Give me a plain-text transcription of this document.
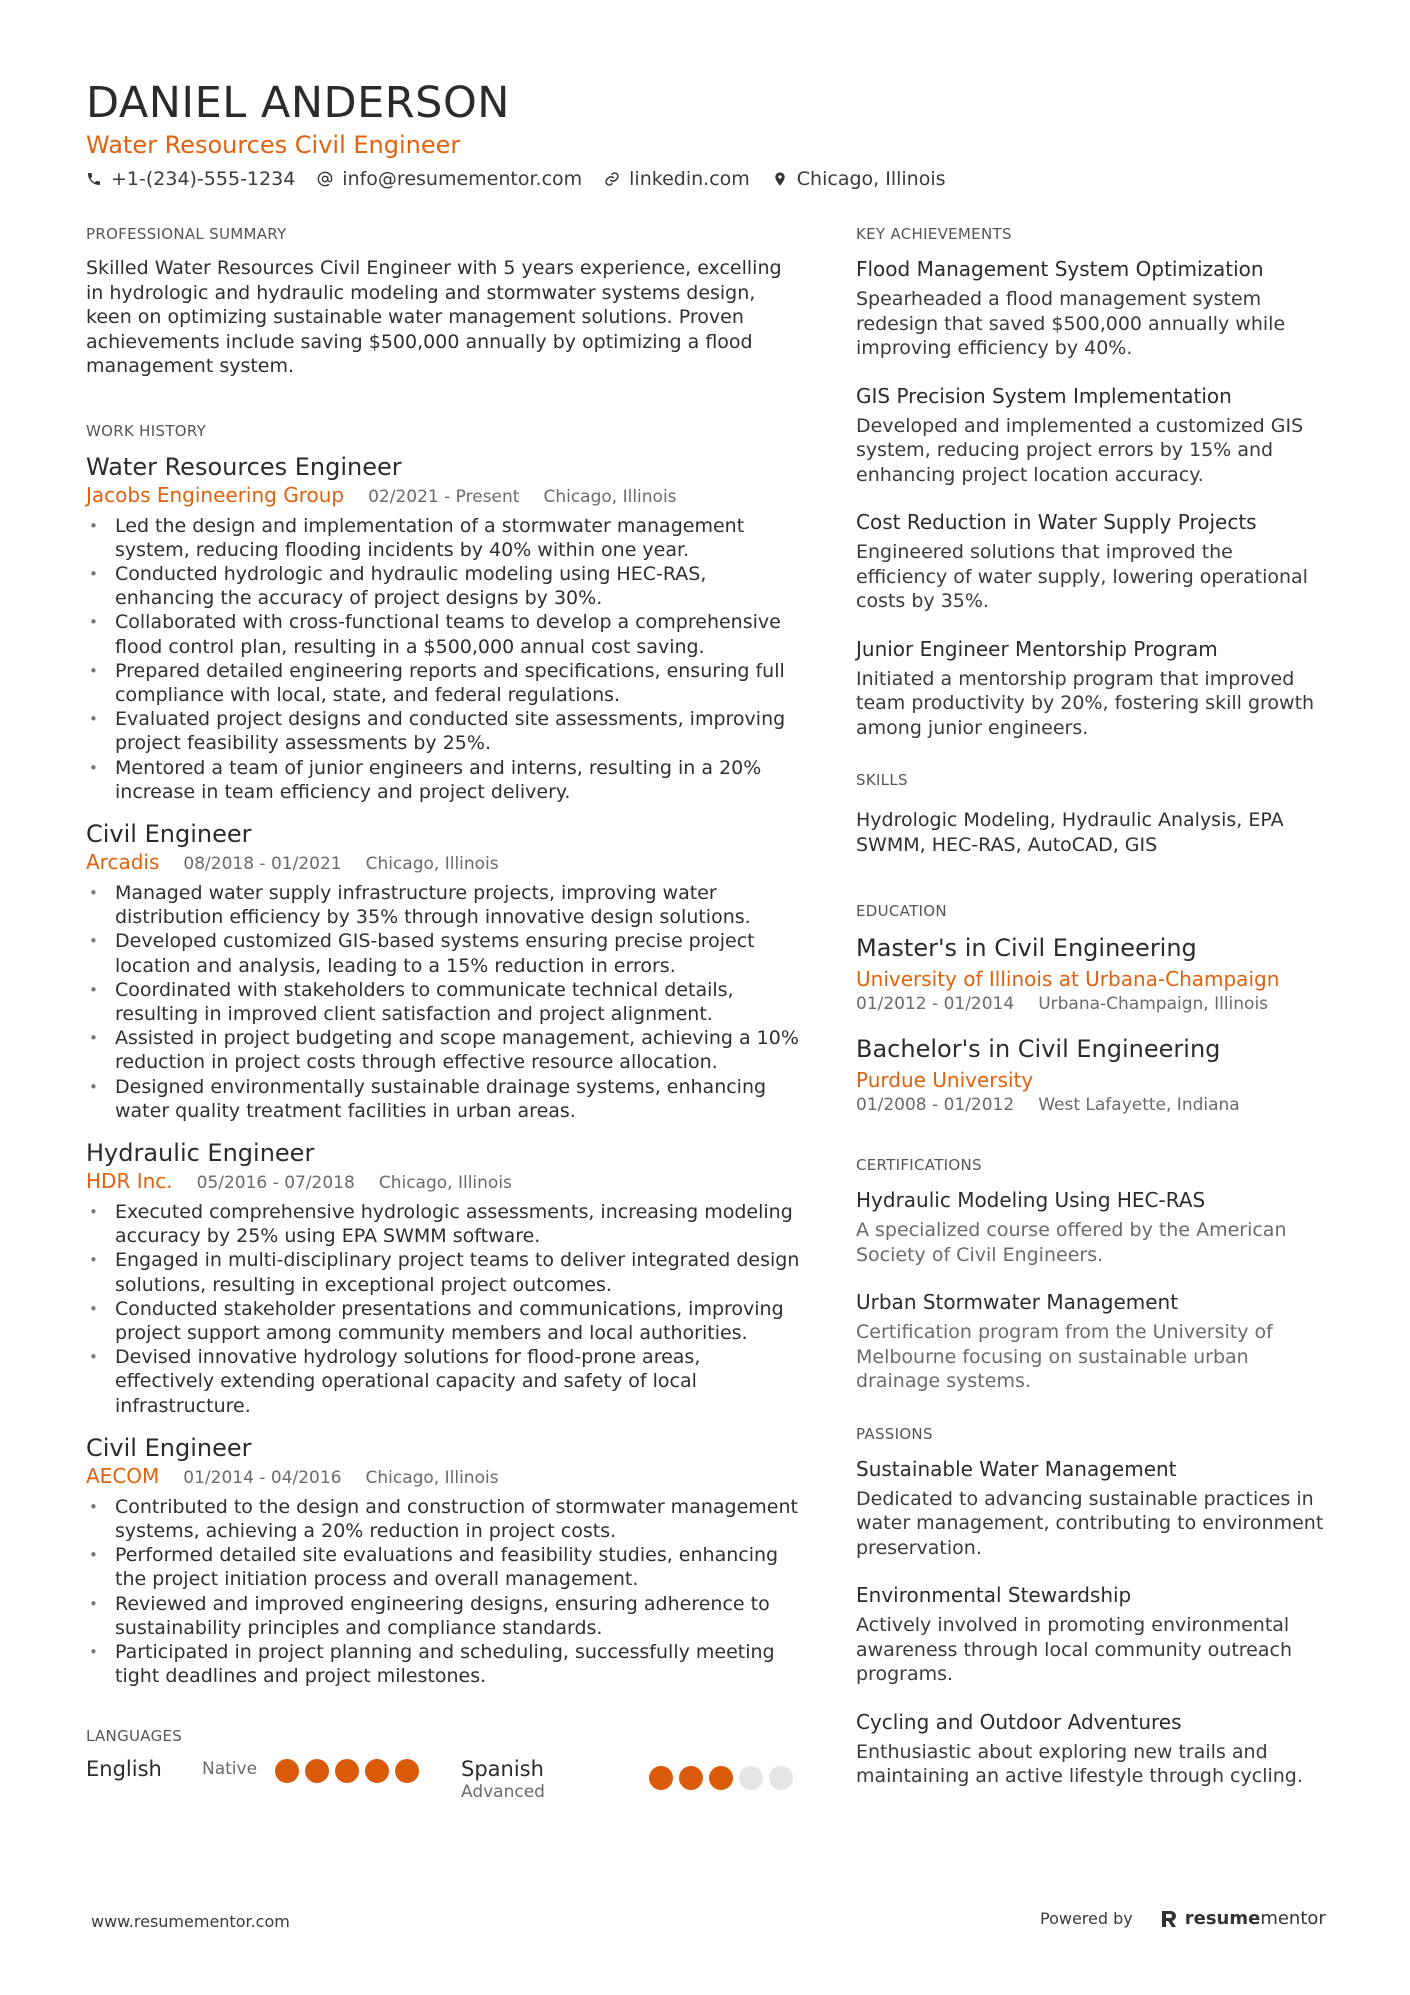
DANIEL ANDERSON
Water Resources Civil Engineer
+1-(234)-555-1234 info@resumementor.com linkedin.com Chicago, Illinois
PROFESSIONAL SUMMARY

Skilled Water Resources Civil Engineer with 5 years experience, excelling in hydrologic and hydraulic modeling and stormwater systems design, keen on optimizing sustainable water management solutions. Proven achievements include saving $500,000 annually by optimizing a flood management system.

WORK HISTORY
Water Resources Engineer
Jacobs Engineering Group 02/2021 - Present Chicago, Illinois
• Led the design and implementation of a stormwater management system, reducing flooding incidents by 40% within one year.
• Conducted hydrologic and hydraulic modeling using HEC-RAS, enhancing the accuracy of project designs by 30%.
• Collaborated with cross-functional teams to develop a comprehensive flood control plan, resulting in a $500,000 annual cost saving.
• Prepared detailed engineering reports and specifications, ensuring full compliance with local, state, and federal regulations.
• Evaluated project designs and conducted site assessments, improving project feasibility assessments by 25%.
• Mentored a team of junior engineers and interns, resulting in a 20% increase in team efficiency and project delivery.
Civil Engineer
Arcadis 08/2018 - 01/2021 Chicago, Illinois
• Managed water supply infrastructure projects, improving water distribution efficiency by 35% through innovative design solutions.
• Developed customized GIS-based systems ensuring precise project location and analysis, leading to a 15% reduction in errors.
• Coordinated with stakeholders to communicate technical details, resulting in improved client satisfaction and project alignment.
• Assisted in project budgeting and scope management, achieving a 10% reduction in project costs through effective resource allocation.
• Designed environmentally sustainable drainage systems, enhancing water quality treatment facilities in urban areas.
Hydraulic Engineer
HDR Inc. 05/2016 - 07/2018 Chicago, Illinois
• Executed comprehensive hydrologic assessments, increasing modeling accuracy by 25% using EPA SWMM software.
• Engaged in multi-disciplinary project teams to deliver integrated design solutions, resulting in exceptional project outcomes.
• Conducted stakeholder presentations and communications, improving project support among community members and local authorities.
• Devised innovative hydrology solutions for flood-prone areas, effectively extending operational capacity and safety of local infrastructure.
Civil Engineer
AECOM 01/2014 - 04/2016 Chicago, Illinois
• Contributed to the design and construction of stormwater management systems, achieving a 20% reduction in project costs.
• Performed detailed site evaluations and feasibility studies, enhancing the project initiation process and overall management.
• Reviewed and improved engineering designs, ensuring adherence to sustainability principles and compliance standards.
• Participated in project planning and scheduling, successfully meeting tight deadlines and project milestones.
LANGUAGES
English	Native	Spanish
Advanced
KEY ACHIEVEMENTS
Flood Management System Optimization
Spearheaded a flood management system redesign that saved $500,000 annually while improving efficiency by 40%.
GIS Precision System Implementation
Developed and implemented a customized GIS system, reducing project errors by 15% and enhancing project location accuracy.
Cost Reduction in Water Supply Projects
Engineered solutions that improved the efficiency of water supply, lowering operational costs by 35%.
Junior Engineer Mentorship Program
Initiated a mentorship program that improved team productivity by 20%, fostering skill growth among junior engineers.
SKILLS

Hydrologic Modeling, Hydraulic Analysis, EPA SWMM, HEC-RAS, AutoCAD, GIS

EDUCATION
Master's in Civil Engineering
University of Illinois at Urbana-Champaign
01/2012 - 01/2014 Urbana-Champaign, Illinois
Bachelor's in Civil Engineering
Purdue University
01/2008 - 01/2012 West Lafayette, Indiana
CERTIFICATIONS
Hydraulic Modeling Using HEC-RAS
A specialized course offered by the American Society of Civil Engineers.
Urban Stormwater Management
Certification program from the University of Melbourne focusing on sustainable urban drainage systems.
PASSIONS
Sustainable Water Management
Dedicated to advancing sustainable practices in water management, contributing to environment preservation.
Environmental Stewardship
Actively involved in promoting environmental awareness through local community outreach programs.
Cycling and Outdoor Adventures
Enthusiastic about exploring new trails and maintaining an active lifestyle through cycling.
www.resumementor.com	Powered by	resumementor
